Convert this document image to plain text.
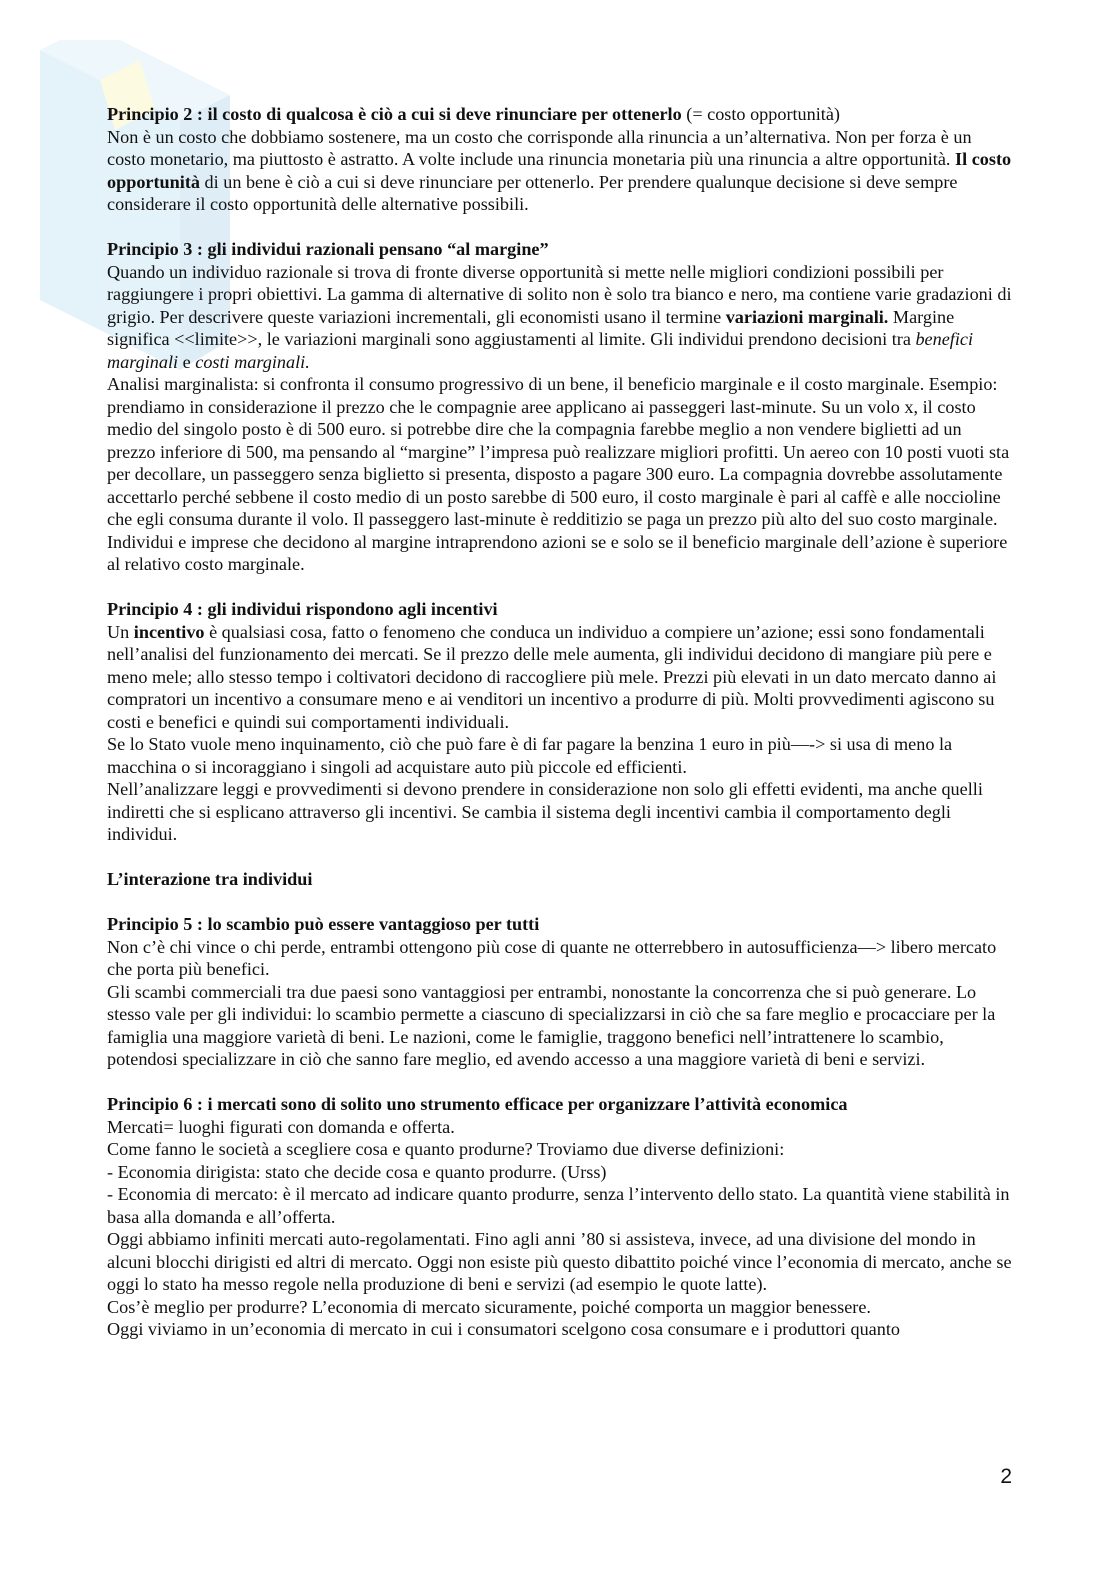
Principio 2 : il costo di qualcosa è ciò a cui si deve rinunciare per ottenerlo (= costo opportunità)
Non è un costo che dobbiamo sostenere, ma un costo che corrisponde alla rinuncia a un’alternativa. Non per forza è un costo monetario, ma piuttosto è astratto. A volte include una rinuncia monetaria più una rinuncia a altre opportunità. Il costo opportunità di un bene è ciò a cui si deve rinunciare per ottenerlo. Per prendere qualunque decisione si deve sempre considerare il costo opportunità delle alternative possibili.

Principio 3 : gli individui razionali pensano “al margine”

Quando un individuo razionale si trova di fronte diverse opportunità si mette nelle migliori condizioni possibili per raggiungere i propri obiettivi. La gamma di alternative di solito non è solo tra bianco e nero, ma contiene varie gradazioni di grigio. Per descrivere queste variazioni incrementali, gli economisti usano il termine variazioni marginali. Margine significa <<limite>>, le variazioni marginali sono aggiustamenti al limite. Gli individui prendono decisioni tra benefici marginali e costi marginali.

Analisi marginalista: si confronta il consumo progressivo di un bene, il beneficio marginale e il costo marginale. Esempio: prendiamo in considerazione il prezzo che le compagnie aree applicano ai passeggeri last-minute. Su un volo x, il costo medio del singolo posto è di 500 euro. si potrebbe dire che la compagnia farebbe meglio a non vendere biglietti ad un prezzo inferiore di 500, ma pensando al “margine” l’impresa può realizzare migliori profitti. Un aereo con 10 posti vuoti sta per decollare, un passeggero senza biglietto si presenta, disposto a pagare 300 euro. La compagnia dovrebbe assolutamente accettarlo perché sebbene il costo medio di un posto sarebbe di 500 euro, il costo marginale è pari al caffè e alle noccioline che egli consuma durante il volo. Il passeggero last-minute è redditizio se paga un prezzo più alto del suo costo marginale.

Individui e imprese che decidono al margine intraprendono azioni se e solo se il beneficio marginale dell’azione è superiore al relativo costo marginale.

Principio 4 : gli individui rispondono agli incentivi

Un incentivo è qualsiasi cosa, fatto o fenomeno che conduca un individuo a compiere un’azione; essi sono fondamentali nell’analisi del funzionamento dei mercati. Se il prezzo delle mele aumenta, gli individui decidono di mangiare più pere e meno mele; allo stesso tempo i coltivatori decidono di raccogliere più mele. Prezzi più elevati in un dato mercato danno ai compratori un incentivo a consumare meno e ai venditori un incentivo a produrre di più. Molti provvedimenti agiscono su costi e benefici e quindi sui comportamenti individuali.

Se lo Stato vuole meno inquinamento, ciò che può fare è di far pagare la benzina 1 euro in più—-> si usa di meno la macchina o si incoraggiano i singoli ad acquistare auto più piccole ed efficienti.

Nell’analizzare leggi e provvedimenti si devono prendere in considerazione non solo gli effetti evidenti, ma anche quelli indiretti che si esplicano attraverso gli incentivi. Se cambia il sistema degli incentivi cambia il comportamento degli individui.

L’interazione tra individui

Principio 5 : lo scambio può essere vantaggioso per tutti

Non c’è chi vince o chi perde, entrambi ottengono più cose di quante ne otterrebbero in autosufficienza—> libero mercato che porta più benefici.

Gli scambi commerciali tra due paesi sono vantaggiosi per entrambi, nonostante la concorrenza che si può generare. Lo stesso vale per gli individui: lo scambio permette a ciascuno di specializzarsi in ciò che sa fare meglio e procacciare per la famiglia una maggiore varietà di beni. Le nazioni, come le famiglie, traggono benefici nell’intrattenere lo scambio, potendosi specializzare in ciò che sanno fare meglio, ed avendo accesso a una maggiore varietà di beni e servizi.

Principio 6 : i mercati sono di solito uno strumento efficace per organizzare l’attività economica

Mercati= luoghi figurati con domanda e offerta.

Come fanno le società a scegliere cosa e quanto produrne? Troviamo due diverse definizioni:

- Economia dirigista: stato che decide cosa e quanto produrre. (Urss)

- Economia di mercato: è il mercato ad indicare quanto produrre, senza l’intervento dello stato. La quantità viene stabilità in basa alla domanda e all’offerta.

Oggi abbiamo infiniti mercati auto-regolamentati. Fino agli anni ’80 si assisteva, invece, ad una divisione del mondo in alcuni blocchi dirigisti ed altri di mercato. Oggi non esiste più questo dibattito poiché vince l’economia di mercato, anche se oggi lo stato ha messo regole nella produzione di beni e servizi (ad esempio le quote latte).

Cos’è meglio per produrre? L’economia di mercato sicuramente, poiché comporta un maggior benessere.

Oggi viviamo in un’economia di mercato in cui i consumatori scelgono cosa consumare e i produttori quanto

2
